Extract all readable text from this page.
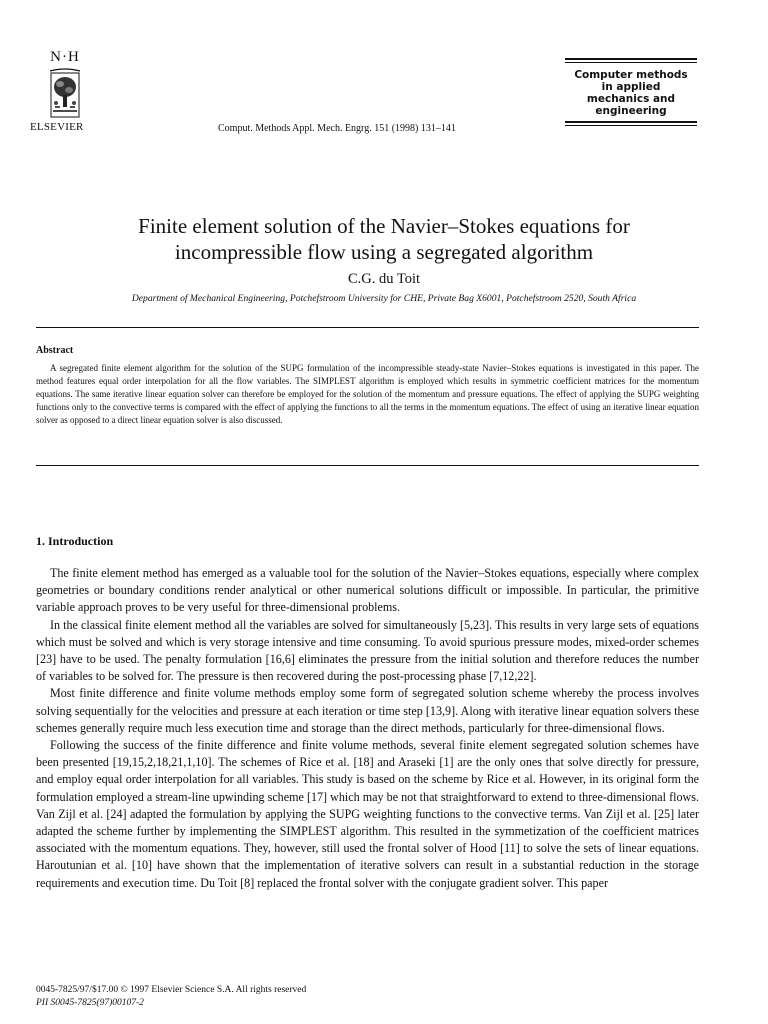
N·H
ELSEVIER	Comput. Methods Appl. Mech. Engrg. 151 (1998) 131–141
Computer methods
in applied
mechanics and
engineering
Finite element solution of the Navier–Stokes equations for
incompressible flow using a segregated algorithm
C.G. du Toit
Department of Mechanical Engineering, Potchefstroom University for CHE, Private Bag X6001, Potchefstroom 2520, South Africa
Abstract

A segregated finite element algorithm for the solution of the SUPG formulation of the incompressible steady-state Navier–Stokes equations is investigated in this paper. The method features equal order interpolation for all the flow variables. The SIMPLEST algorithm is employed which results in symmetric coefficient matrices for the momentum equations. The same iterative linear equation solver can therefore be employed for the solution of the momentum and pressure equations. The effect of applying the SUPG weighting functions only to the convective terms is compared with the effect of applying the functions to all the terms in the momentum equations. The effect of using an iterative linear equation solver as opposed to a direct linear equation solver is also discussed.

1. Introduction

The finite element method has emerged as a valuable tool for the solution of the Navier–Stokes equations, especially where complex geometries or boundary conditions render analytical or other numerical solutions difficult or impossible. In particular, the primitive variable approach proves to be very useful for three-dimensional problems.

In the classical finite element method all the variables are solved for simultaneously [5,23]. This results in very large sets of equations which must be solved and which is very storage intensive and time consuming. To avoid spurious pressure modes, mixed-order schemes [23] have to be used. The penalty formulation [16,6] eliminates the pressure from the initial solution and therefore reduces the number of variables to be solved for. The pressure is then recovered during the post-processing phase [7,12,22].

Most finite difference and finite volume methods employ some form of segregated solution scheme whereby the process involves solving sequentially for the velocities and pressure at each iteration or time step [13,9]. Along with iterative linear equation solvers these schemes generally require much less execution time and storage than the direct methods, particularly for three-dimensional flows.

Following the success of the finite difference and finite volume methods, several finite element segregated solution schemes have been presented [19,15,2,18,21,1,10]. The schemes of Rice et al. [18] and Araseki [1] are the only ones that solve directly for pressure, and employ equal order interpolation for all variables. This study is based on the scheme by Rice et al. However, in its original form the formulation employed a stream-line upwinding scheme [17] which may be not that straightforward to extend to three-dimensional flows. Van Zijl et al. [24] adapted the formulation by applying the SUPG weighting functions to the convective terms. Van Zijl et al. [25] later adapted the scheme further by implementing the SIMPLEST algorithm. This resulted in the symmetization of the coefficient matrices associated with the momentum equations. They, however, still used the frontal solver of Hood [11] to solve the sets of linear equations. Haroutunian et al. [10] have shown that the implementation of iterative solvers can result in a substantial reduction in the storage requirements and execution time. Du Toit [8] replaced the frontal solver with the conjugate gradient solver. This paper

0045-7825/97/$17.00 © 1997 Elsevier Science S.A. All rights reserved
PII S0045-7825(97)00107-2
